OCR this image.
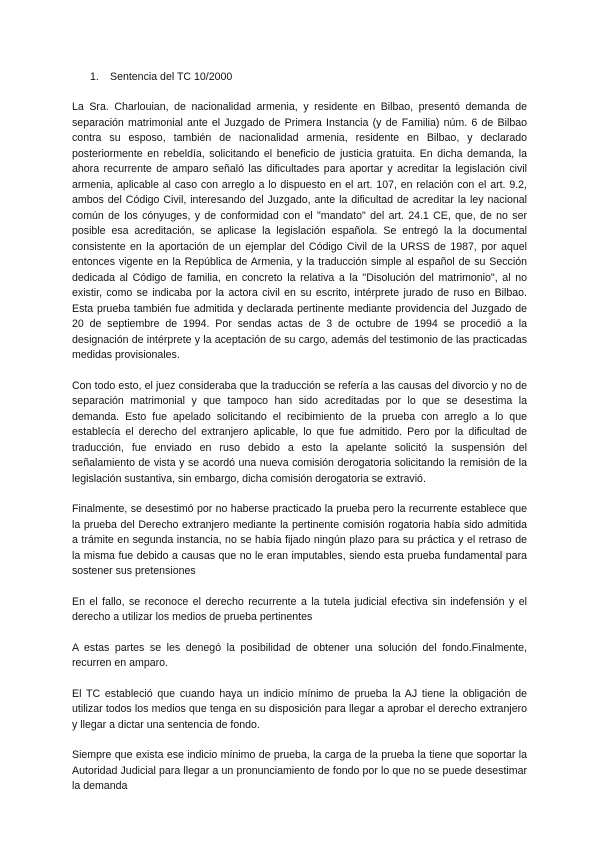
1. Sentencia del TC 10/2000

La Sra. Charlouian, de nacionalidad armenia, y residente en Bilbao, presentó demanda de separación matrimonial ante el Juzgado de Primera Instancia (y de Familia) núm. 6 de Bilbao contra su esposo, también de nacionalidad armenia, residente en Bilbao, y declarado posteriormente en rebeldía, solicitando el beneficio de justicia gratuita. En dicha demanda, la ahora recurrente de amparo señaló las dificultades para aportar y acreditar la legislación civil armenia, aplicable al caso con arreglo a lo dispuesto en el art. 107, en relación con el art. 9.2, ambos del Código Civil, interesando del Juzgado, ante la dificultad de acreditar la ley nacional común de los cónyuges, y de conformidad con el "mandato" del art. 24.1 CE, que, de no ser posible esa acreditación, se aplicase la legislación española. Se entregó la la documental consistente en la aportación de un ejemplar del Código Civil de la URSS de 1987, por aquel entonces vigente en la República de Armenia, y la traducción simple al español de su Sección dedicada al Código de familia, en concreto la relativa a la "Disolución del matrimonio", al no existir, como se indicaba por la actora civil en su escrito, intérprete jurado de ruso en Bilbao. Esta prueba también fue admitida y declarada pertinente mediante providencia del Juzgado de 20 de septiembre de 1994. Por sendas actas de 3 de octubre de 1994 se procedió a la designación de intérprete y la aceptación de su cargo, además del testimonio de las practicadas medidas provisionales.

Con todo esto, el juez consideraba que la traducción se refería a las causas del divorcio y no de separación matrimonial y que tampoco han sido acreditadas por lo que se desestima la demanda. Esto fue apelado solicitando el recibimiento de la prueba con arreglo a lo que establecía el derecho del extranjero aplicable, lo que fue admitido. Pero por la dificultad de traducción, fue enviado en ruso debido a esto la apelante solicitó la suspensión del señalamiento de vista y se acordó una nueva comisión derogatoria solicitando la remisión de la legislación sustantiva, sin embargo, dicha comisión derogatoria se extravió.

Finalmente, se desestimó por no haberse practicado la prueba pero la recurrente establece que la prueba del Derecho extranjero mediante la pertinente comisión rogatoria había sido admitida a trámite en segunda instancia, no se había fijado ningún plazo para su práctica y el retraso de la misma fue debido a causas que no le eran imputables, siendo esta prueba fundamental para sostener sus pretensiones

En el fallo, se reconoce el derecho recurrente a la tutela judicial efectiva sin indefensión y el derecho a utilizar los medios de prueba pertinentes

A estas partes se les denegó la posibilidad de obtener una solución del fondo.Finalmente, recurren en amparo.

El TC estableció que cuando haya un indicio mínimo de prueba la AJ tiene la obligación de utilizar todos los medios que tenga en su disposición para llegar a aprobar el derecho extranjero y llegar a dictar una sentencia de fondo.

Siempre que exista ese indicio mínimo de prueba, la carga de la prueba la tiene que soportar la Autoridad Judicial para llegar a un pronunciamiento de fondo por lo que no se puede desestimar la demanda
